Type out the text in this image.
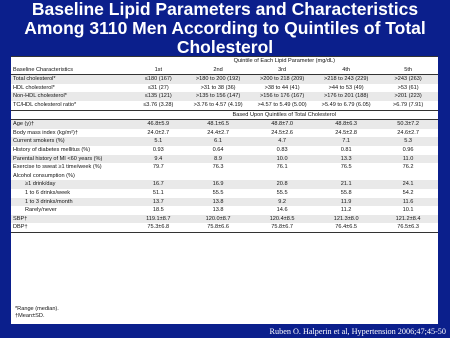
Baseline Lipid Parameters and Characteristics
Among 3110 Men According to Quintiles of Total
Cholesterol
	Quintile of Each Lipid Parameter (mg/dL)				
Baseline Characteristics	1st	2nd	3rd	4th	5th
Total cholesterol*	≤180 (167)	>180 to 200 (192)	>200 to 218 (209)	>218 to 243 (229)	>243 (263)
HDL cholesterol*	≤31 (27)	>31 to 38 (36)	>38 to 44 (41)	>44 to 53 (49)	>53 (61)
Non-HDL cholesterol*	≤135 (121)	>135 to 156 (147)	>156 to 176 (167)	>176 to 201 (188)	>201 (223)
TC/HDL cholesterol ratio*	≤3.76 (3.28)	>3.76 to 4.57 (4.19)	>4.57 to 5.49 (5.00)	>5.49 to 6.79 (6.05)	>6.79 (7.91)
	Based Upon Quintiles of Total Cholesterol				
Age (y)†	46.8±5.9	48.1±6.5	48.8±7.0	48.8±6.3	50.3±7.2
Body mass index (kg/m²)†	24.0±2.7	24.4±2.7	24.5±2.6	24.5±2.8	24.6±2.7
Current smokers (%)	5.1	6.1	4.7	7.1	5.3
History of diabetes mellitus (%)	0.93	0.64	0.83	0.81	0.96
Parental history of MI <60 years (%)	9.4	8.9	10.0	13.3	11.0
Exercise to sweat ≥1 time/week (%)	79.7	76.3	76.1	76.5	76.2
Alcohol consumption (%)					
≥1 drink/day	16.7	16.9	20.8	21.1	24.1
1 to 6 drinks/week	51.1	55.5	55.5	55.8	54.2
1 to 3 drinks/month	13.7	13.8	9.2	11.9	11.6
Rarely/never	18.5	13.8	14.6	11.2	10.1
SBP†	119.1±8.7	120.0±8.7	120.4±8.5	121.3±8.0	121.2±8.4
DBP†	75.3±6.8	75.8±6.6	75.8±6.7	76.4±6.5	76.5±6.3
*Range (median).
†Mean±SD.
Ruben O. Halperin et al, Hypertension 2006;47;45-50
